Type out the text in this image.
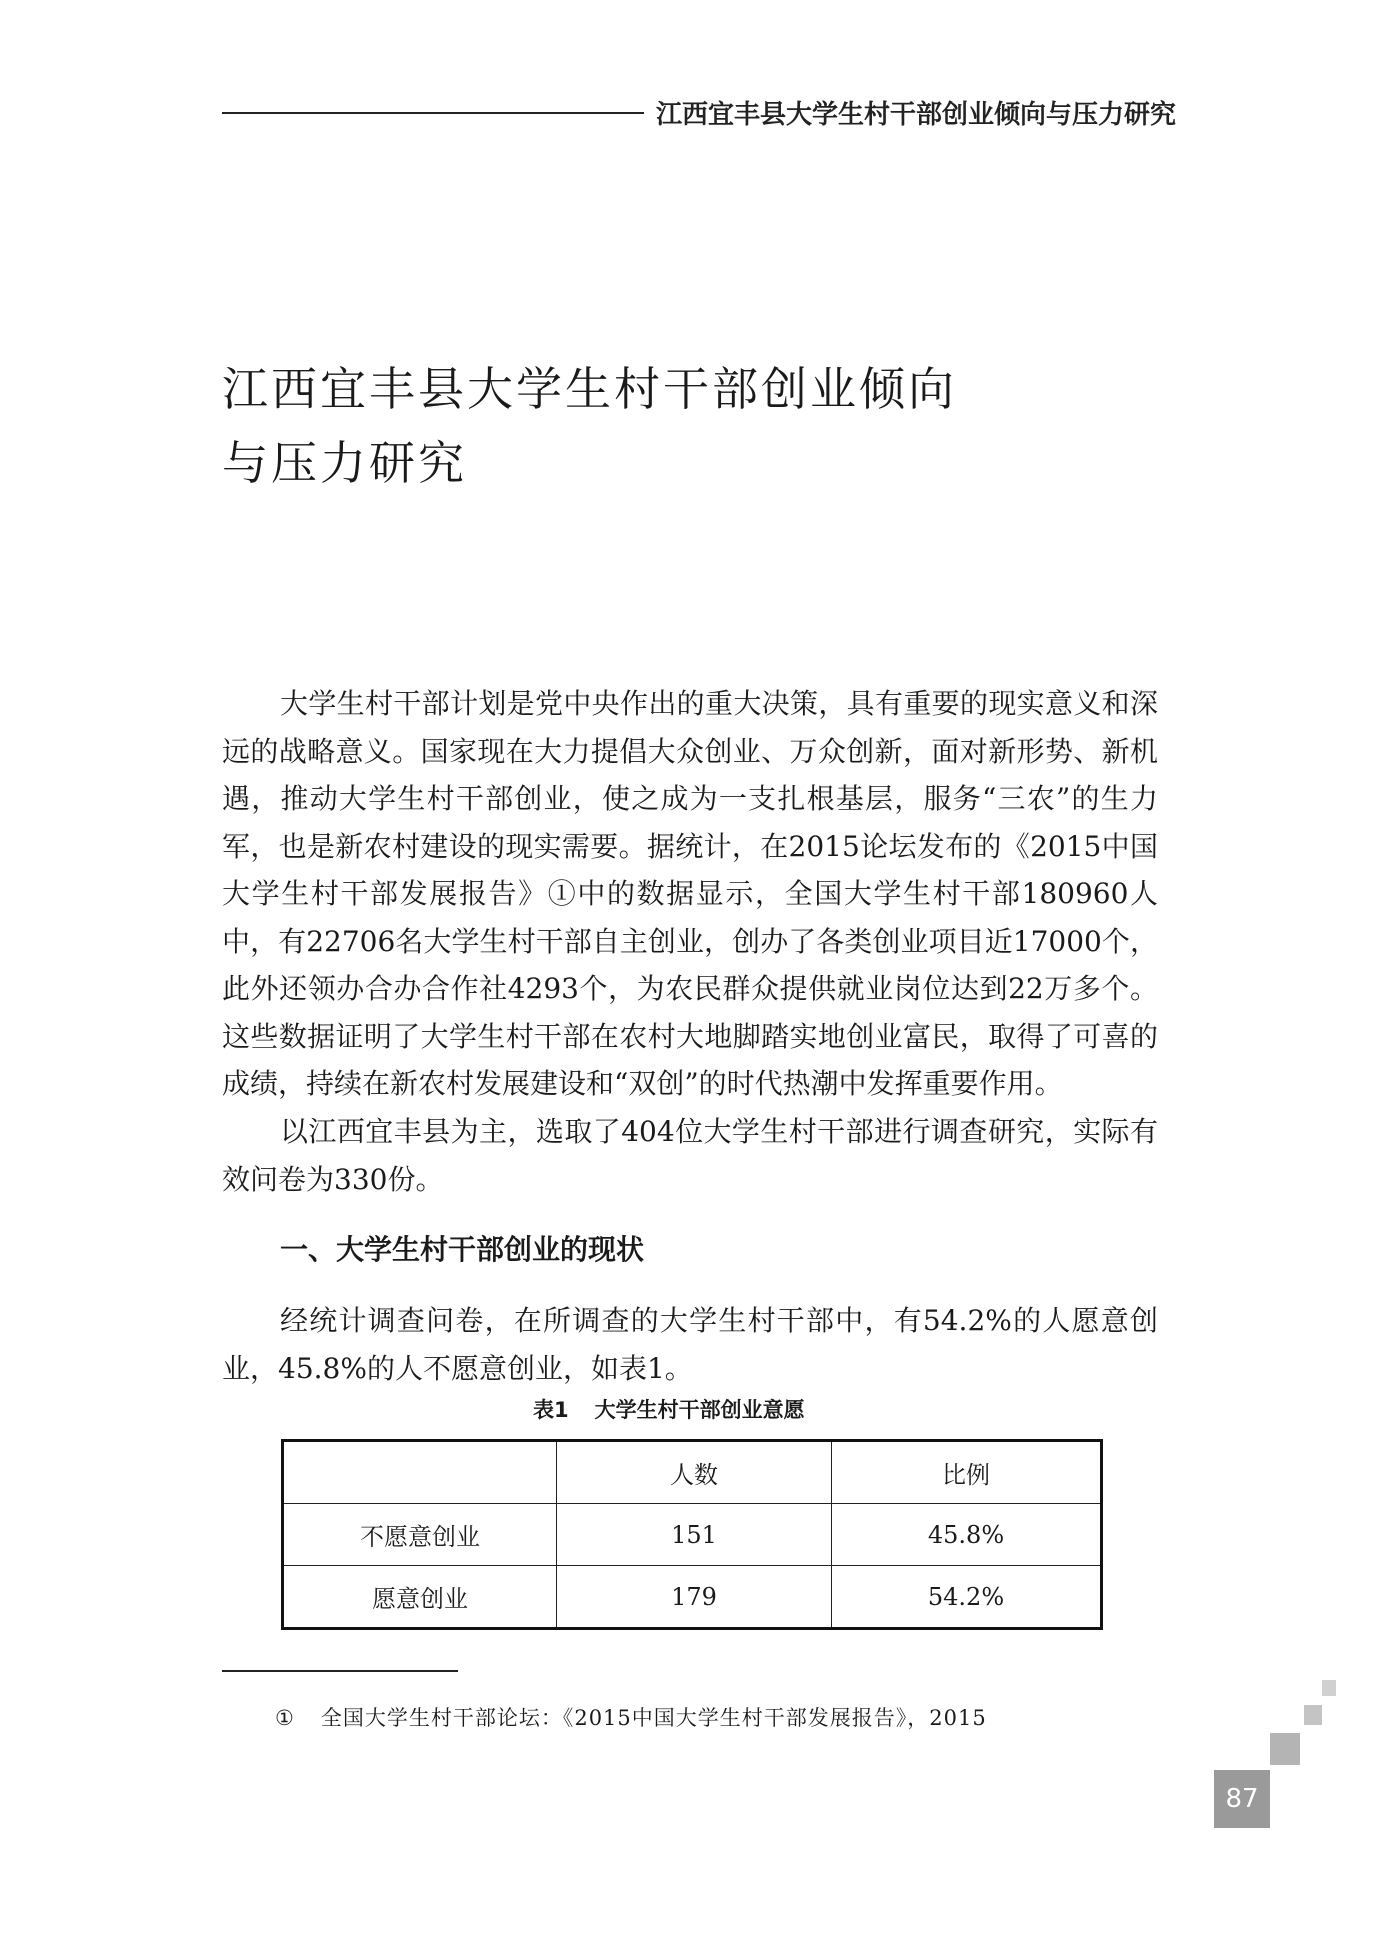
江西宜丰县大学生村干部创业倾向与压力研究
江西宜丰县大学生村干部创业倾向
与压力研究

大学生村干部计划是党中央作出的重大决策，具有重要的现实意义和深远的战略意义。国家现在大力提倡大众创业、万众创新，面对新形势、新机遇，推动大学生村干部创业，使之成为一支扎根基层，服务“三农”的生力军，也是新农村建设的现实需要。据统计，在2015论坛发布的《2015中国大学生村干部发展报告》①中的数据显示，全国大学生村干部180960人中，有22706名大学生村干部自主创业，创办了各类创业项目近17000个，此外还领办合办合作社4293个，为农民群众提供就业岗位达到22万多个。这些数据证明了大学生村干部在农村大地脚踏实地创业富民，取得了可喜的成绩，持续在新农村发展建设和“双创”的时代热潮中发挥重要作用。

以江西宜丰县为主，选取了404位大学生村干部进行调查研究，实际有效问卷为330份。

一、大学生村干部创业的现状

经统计调查问卷，在所调查的大学生村干部中，有54.2%的人愿意创业，45.8%的人不愿意创业，如表1。

表1 大学生村干部创业意愿
	人数	比例
不愿意创业	151	45.8%
愿意创业	179	54.2%
① 全国大学生村干部论坛：《2015中国大学生村干部发展报告》，2015
87
